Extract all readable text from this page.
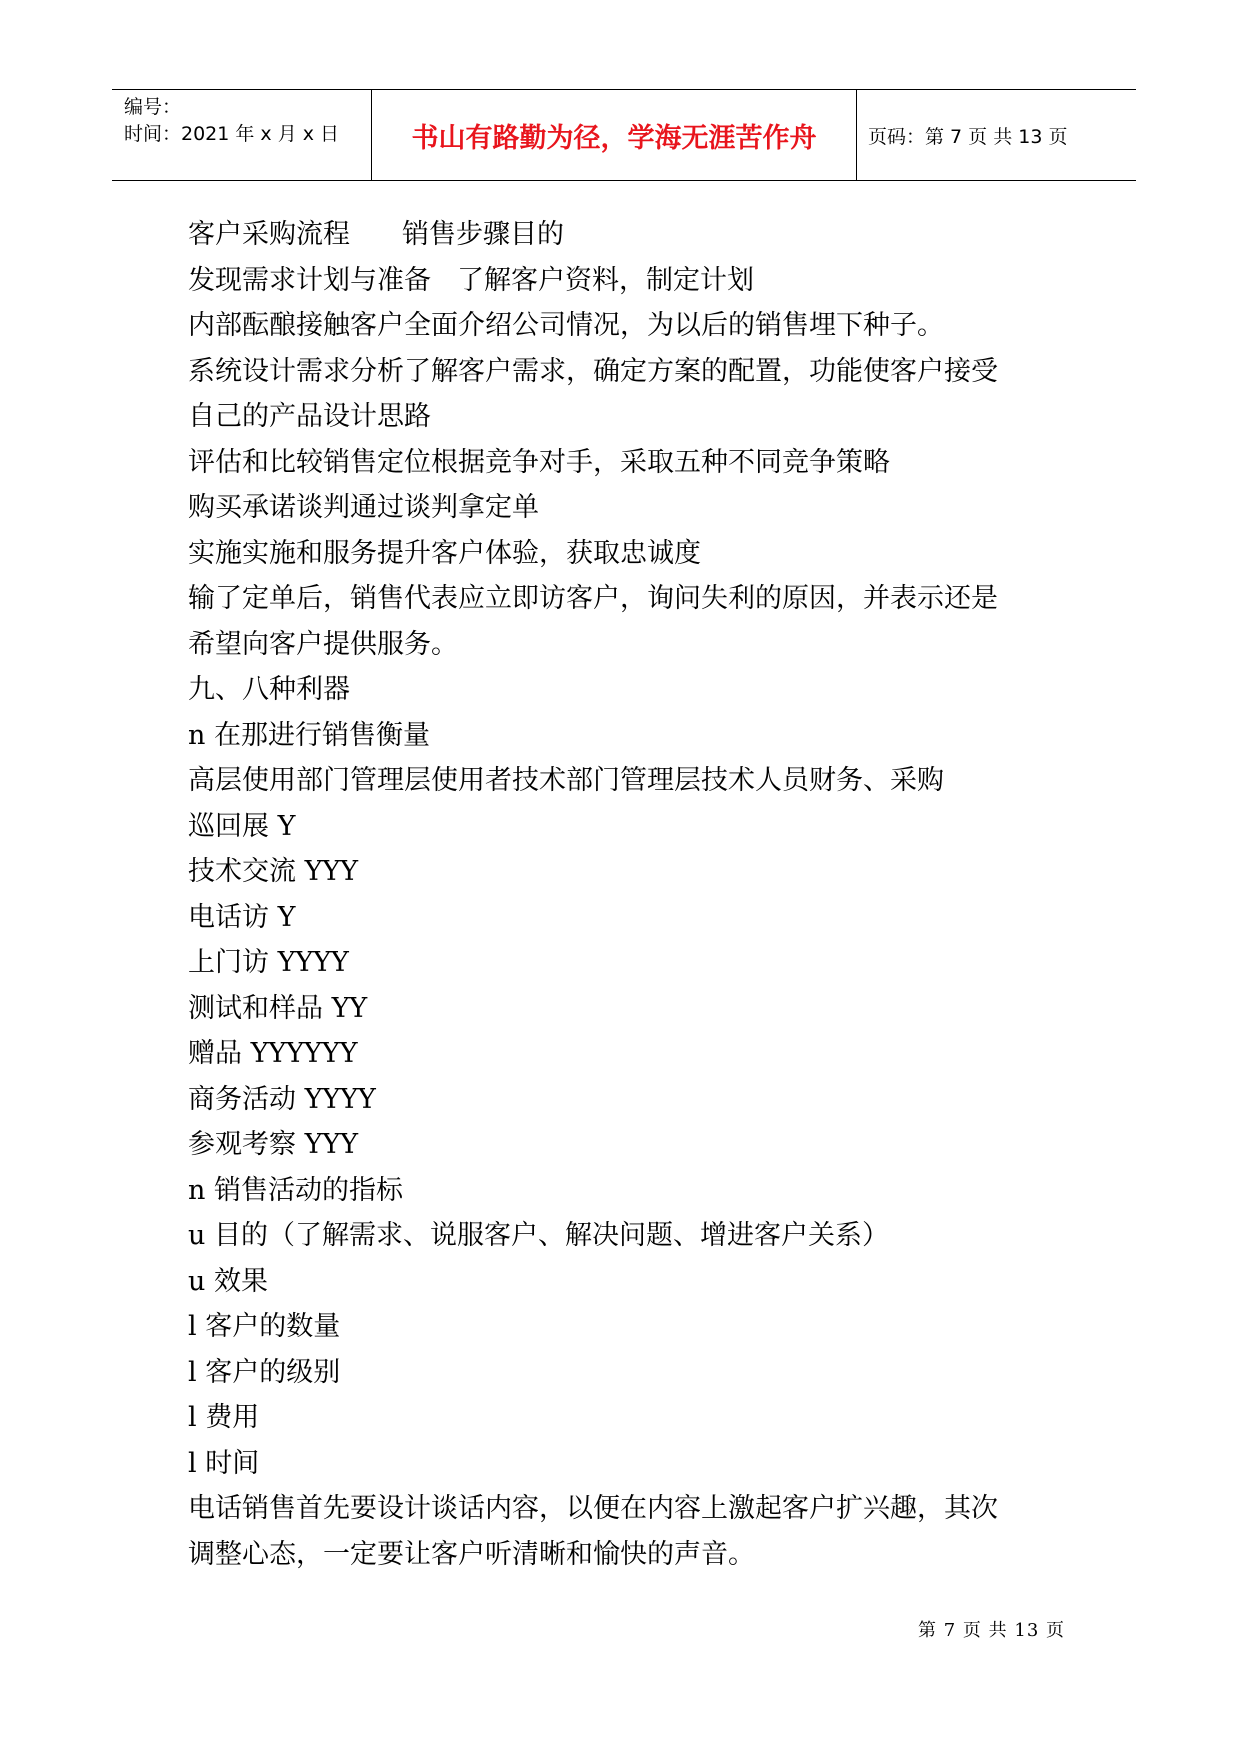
编号：
时间：2021 年 x 月 x 日	书山有路勤为径，学海无涯苦作舟	页码：第 7 页 共 13 页
客户采购流程 销售步骤目的
发现需求计划与准备 了解客户资料，制定计划
内部酝酿接触客户全面介绍公司情况，为以后的销售埋下种子。
系统设计需求分析了解客户需求，确定方案的配置，功能使客户接受
自己的产品设计思路
评估和比较销售定位根据竞争对手，采取五种不同竞争策略
购买承诺谈判通过谈判拿定单
实施实施和服务提升客户体验，获取忠诚度
输了定单后，销售代表应立即访客户，询问失利的原因，并表示还是
希望向客户提供服务。
九、八种利器
n 在那进行销售衡量
高层使用部门管理层使用者技术部门管理层技术人员财务、采购
巡回展 Y
技术交流 YYY
电话访 Y
上门访 YYYY
测试和样品 YY
赠品 YYYYYY
商务活动 YYYY
参观考察 YYY
n 销售活动的指标
u 目的（了解需求、说服客户、解决问题、增进客户关系）
u 效果
l 客户的数量
l 客户的级别
l 费用
l 时间
电话销售首先要设计谈话内容，以便在内容上激起客户扩兴趣，其次
调整心态，一定要让客户听清晰和愉快的声音。
第 7 页 共 13 页
